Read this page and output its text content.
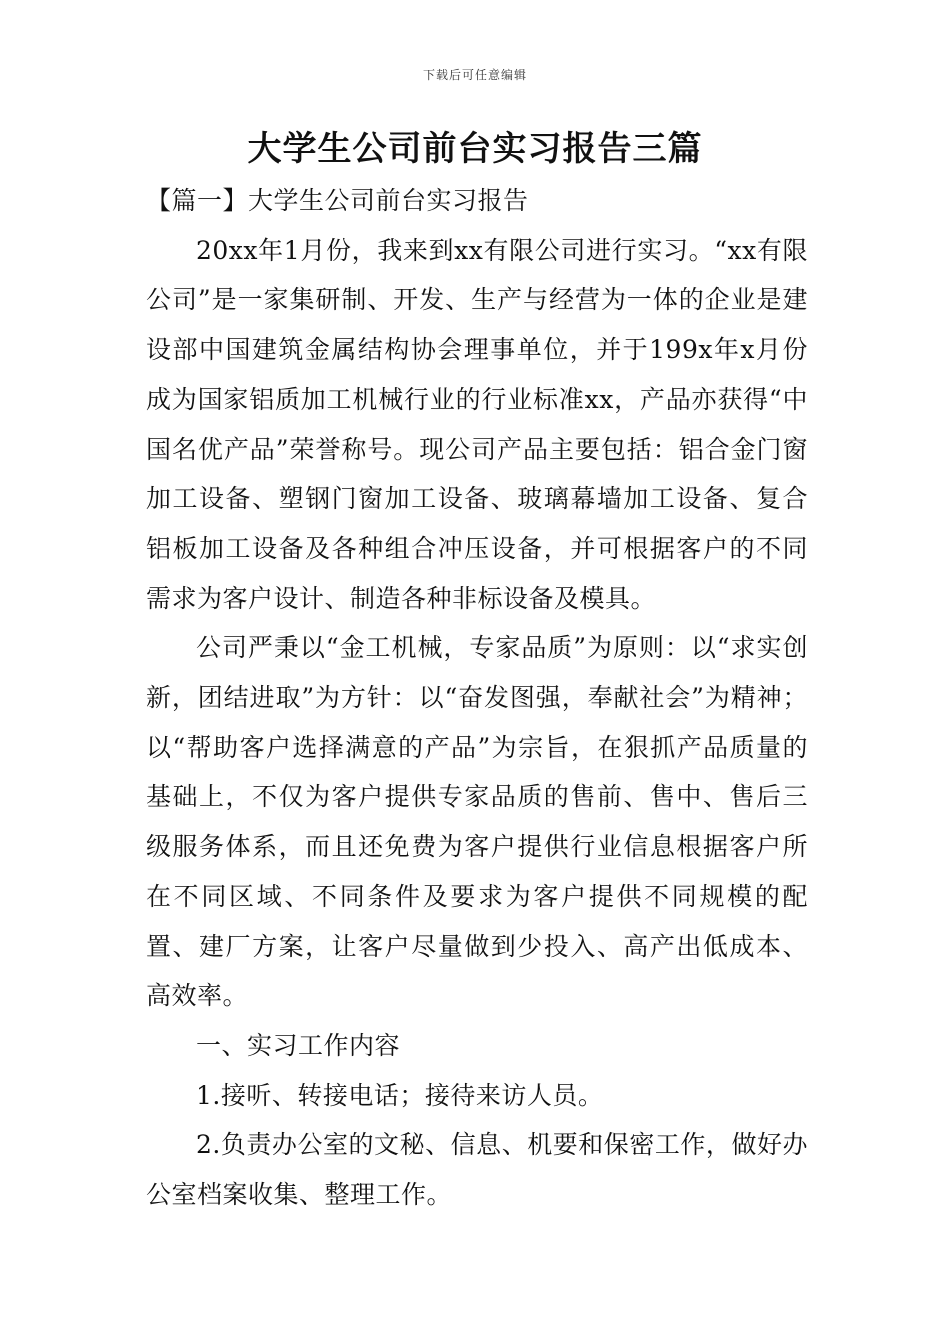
下载后可任意编辑
大学生公司前台实习报告三篇
【篇一】大学生公司前台实习报告

20xx年1月份，我来到xx有限公司进行实习。“xx有限公司”是一家集研制、开发、生产与经营为一体的企业是建设部中国建筑金属结构协会理事单位，并于199x年x月份成为国家铝质加工机械行业的行业标准xx，产品亦获得“中国名优产品”荣誉称号。现公司产品主要包括：铝合金门窗加工设备、塑钢门窗加工设备、玻璃幕墙加工设备、复合铝板加工设备及各种组合冲压设备，并可根据客户的不同需求为客户设计、制造各种非标设备及模具。

公司严秉以“金工机械，专家品质”为原则：以“求实创新，团结进取”为方针：以“奋发图强，奉献社会”为精神；以“帮助客户选择满意的产品”为宗旨，在狠抓产品质量的基础上，不仅为客户提供专家品质的售前、售中、售后三级服务体系，而且还免费为客户提供行业信息根据客户所在不同区域、不同条件及要求为客户提供不同规模的配置、建厂方案，让客户尽量做到少投入、高产出低成本、高效率。

一、实习工作内容

1.接听、转接电话；接待来访人员。

2.负责办公室的文秘、信息、机要和保密工作，做好办公室档案收集、整理工作。
